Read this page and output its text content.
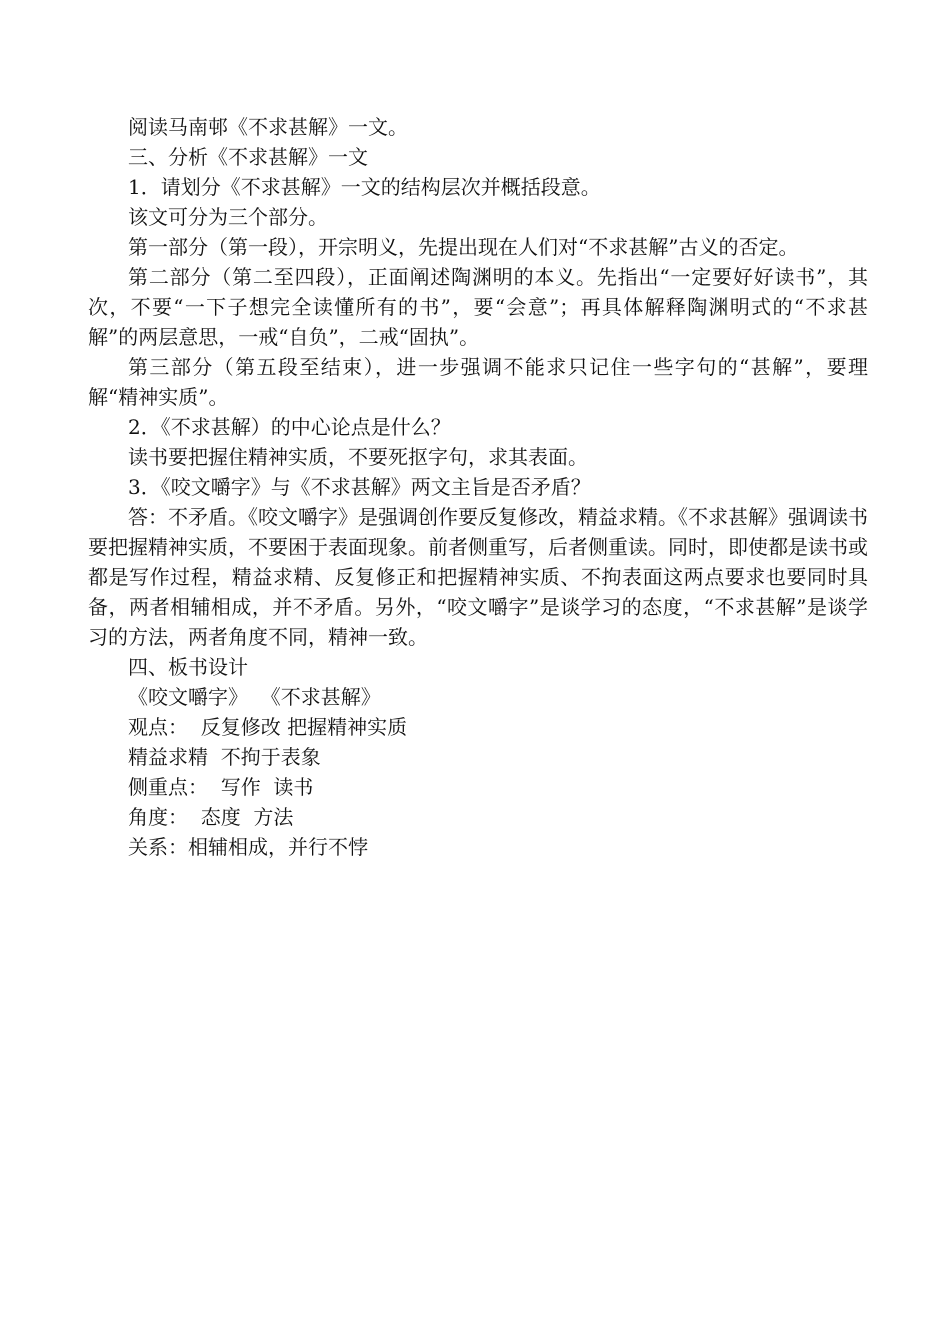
阅读马南邨《不求甚解》一文。

三、分析《不求甚解》一文

1．请划分《不求甚解》一文的结构层次并概括段意。

该文可分为三个部分。

第一部分（第一段），开宗明义，先提出现在人们对“不求甚解”古义的否定。

第二部分（第二至四段），正面阐述陶渊明的本义。先指出“一定要好好读书”，其次，不要“一下子想完全读懂所有的书”，要“会意”；再具体解释陶渊明式的“不求甚解”的两层意思，一戒“自负”，二戒“固执”。

第三部分（第五段至结束），进一步强调不能求只记住一些字句的“甚解”，要理解“精神实质”。

2．《不求甚解）的中心论点是什么？

读书要把握住精神实质，不要死抠字句，求其表面。

3．《咬文嚼字》与《不求甚解》两文主旨是否矛盾？

答：不矛盾。《咬文嚼字》是强调创作要反复修改，精益求精。《不求甚解》强调读书要把握精神实质，不要困于表面现象。前者侧重写，后者侧重读。同时，即使都是读书或都是写作过程，精益求精、反复修正和把握精神实质、不拘表面这两点要求也要同时具备，两者相辅相成，并不矛盾。另外，“咬文嚼字”是谈学习的态度，“不求甚解”是谈学习的方法，两者角度不同，精神一致。

四、板书设计

《咬文嚼字》  《不求甚解》

观点：  反复修改 把握精神实质

精益求精  不拘于表象

侧重点：  写作  读书

角度：  态度  方法

关系：相辅相成，并行不悖
